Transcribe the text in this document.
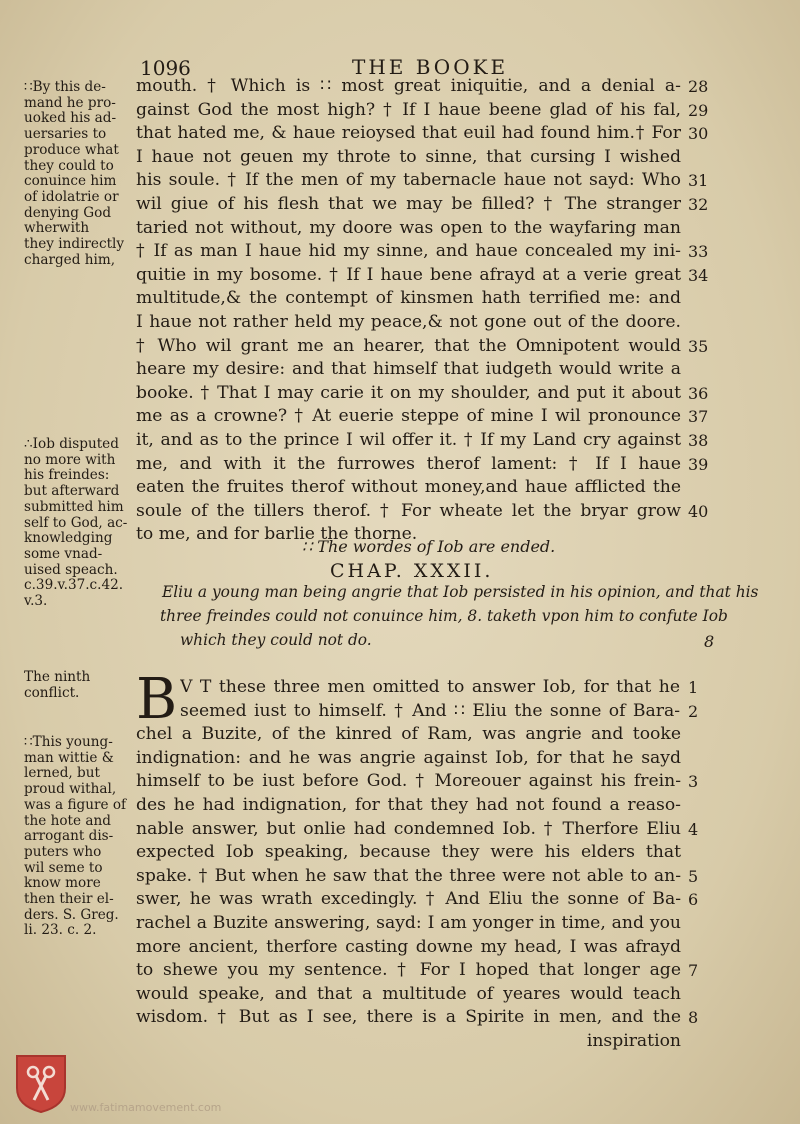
1096	THE BOOKE
mouth. † Which is ∷ most great iniquitie, and a denial a-
gainst God the most high? † If I haue beene glad of his fal,
that hated me, & haue reioysed that euil had found him.† For
I haue not geuen my throte to sinne, that cursing I wished
his soule. † If the men of my tabernacle haue not sayd: Who
wil giue of his flesh that we may be filled? † The stranger
taried not without, my doore was open to the wayfaring man
† If as man I haue hid my sinne, and haue concealed my ini-
quitie in my bosome. † If I haue bene afrayd at a verie great
multitude,& the contempt of kinsmen hath terrified me: and
I haue not rather held my peace,& not gone out of the doore.
† Who wil grant me an hearer, that the Omnipotent would
heare my desire: and that himself that iudgeth would write a
booke. † That I may carie it on my shoulder, and put it about
me as a crowne? † At euerie steppe of mine I wil pronounce
it, and as to the prince I wil offer it. † If my Land cry against
me, and with it the furrowes therof lament: † If I haue
eaten the fruites therof without money,and haue afflicted the
soule of the tillers therof. † For wheate let the bryar grow
to me, and for barlie the thorne.
28
29
30
31
32
33
34
35
36
37
38
39
40
∷By this de-
mand he pro-
uoked his ad-
uersaries to
produce what
they could to
conuince him
of idolatrie or
denying God
wherwith
they indirectly
charged him,
∴Iob disputed
no more with
his freindes:
but afterward
submitted him
self to God, ac-
knowledging
some vnad-
uised speach.
c.39.v.37.c.42.
v.3.
The ninth
conflict.
∷This young-
man wittie &
lerned, but
proud withal,
was a figure of
the hote and
arrogant dis-
puters who
wil seme to
know more
then their el-
ders. S. Greg.
li. 23. c. 2.
∷ The wordes of Iob are ended.
CHAP. XXXII.
Eliu a young man being angrie that Iob persisted in his opinion, and that his
three freindes could not conuince him, 8. taketh vpon him to confute Iob
which they could not do.	8
B V T these three men omitted to answer Iob, for that he
seemed iust to himself. † And ∷ Eliu the sonne of Bara-
chel a Buzite, of the kinred of Ram, was angrie and tooke
indignation: and he was angrie against Iob, for that he sayd
himself to be iust before God. † Moreouer against his frein-
des he had indignation, for that they had not found a reaso-
nable answer, but onlie had condemned Iob. † Therfore Eliu
expected Iob speaking, because they were his elders that
spake. † But when he saw that the three were not able to an-
swer, he was wrath excedingly. † And Eliu the sonne of Ba-
rachel a Buzite answering, sayd: I am yonger in time, and you
more ancient, therfore casting downe my head, I was afrayd
to shewe you my sentence. † For I hoped that longer age
would speake, and that a multitude of yeares would teach
wisdom. † But as I see, there is a Spirite in men, and the
inspiration
1
2
3
4
5
6
7
8
www.fatimamovement.com
